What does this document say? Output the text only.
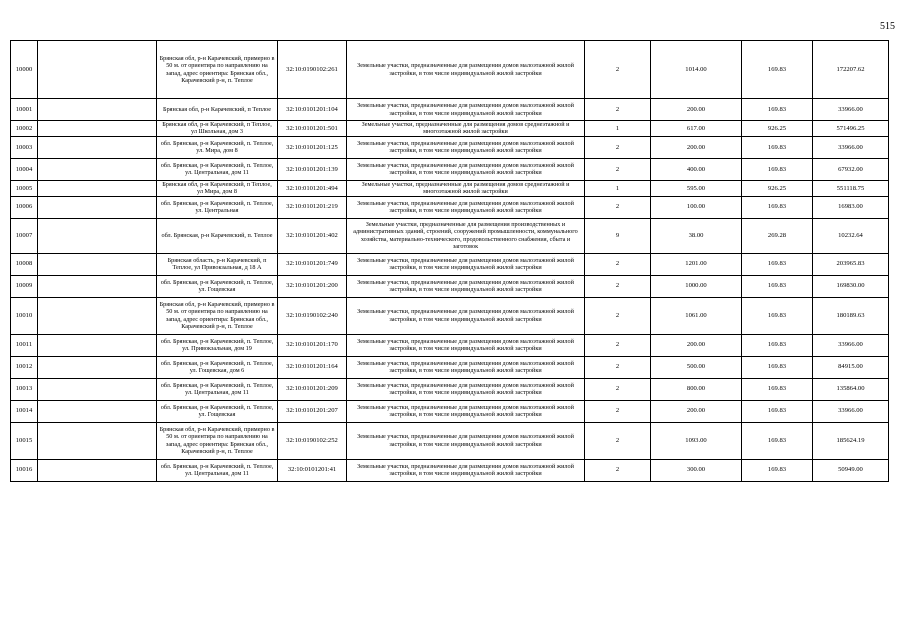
515
10000		Брянская обл, р-н Карачевский, примерно в 50 м. от ориентира по направлению на запад, адрес ориентира: Брянская обл., Карачевский р-н, п. Теплое	32:10:0190102:261	Земельные участки, предназначенные для размещения домов малоэтажной жилой застройки, в том числе индивидуальной жилой застройки	2	1014.00	169.83	172207.62
10001		Брянская обл, р-н Карачевский, п Теплое	32:10:0101201:104	Земельные участки, предназначенные для размещения домов малоэтажной жилой застройки, в том числе индивидуальной жилой застройки	2	200.00	169.83	33966.00
10002		Брянская обл, р-н Карачевский, п Теплое, ул Школьная, дом 3	32:10:0101201:501	Земельные участки, предназначенные для размещения домов среднеэтажной и многоэтажной жилой застройки	1	617.00	926.25	571496.25
10003		обл. Брянская, р-н Карачевский, п. Теплое, ул. Мира, дом 8	32:10:0101201:125	Земельные участки, предназначенные для размещения домов малоэтажной жилой застройки, в том числе индивидуальной жилой застройки	2	200.00	169.83	33966.00
10004		обл. Брянская, р-н Карачевский, п. Теплое, ул. Центральная, дом 11	32:10:0101201:139	Земельные участки, предназначенные для размещения домов малоэтажной жилой застройки, в том числе индивидуальной жилой застройки	2	400.00	169.83	67932.00
10005		Брянская обл, р-н Карачевский, п Теплое, ул Мира, дом 8	32:10:0101201:494	Земельные участки, предназначенные для размещения домов среднеэтажной и многоэтажной жилой застройки	1	595.00	926.25	551118.75
10006		обл. Брянская, р-н Карачевский, п. Теплое, ул. Центральная	32:10:0101201:219	Земельные участки, предназначенные для размещения домов малоэтажной жилой застройки, в том числе индивидуальной жилой застройки	2	100.00	169.83	16983.00
10007		обл. Брянская, р-н Карачевский, п. Теплое	32:10:0101201:402	Земельные участки, предназначенные для размещения производственных и административных зданий, строений, сооружений промышленности, коммунального хозяйства, материально-технического, продовольственного снабжения, сбыта и заготовок	9	38.00	269.28	10232.64
10008		Брянская область, р-н Карачевский, п Теплое, ул Привокзальная, д 18 А	32:10:0101201:749	Земельные участки, предназначенные для размещения домов малоэтажной жилой застройки, в том числе индивидуальной жилой застройки	2	1201.00	169.83	203965.83
10009		обл. Брянская, р-н Карачевский, п. Теплое, ул. Гощевская	32:10:0101201:200	Земельные участки, предназначенные для размещения домов малоэтажной жилой застройки, в том числе индивидуальной жилой застройки	2	1000.00	169.83	169830.00
10010		Брянская обл, р-н Карачевский, примерно в 50 м. от ориентира по направлению на запад, адрес ориентира: Брянская обл., Карачевский р-н, п. Теплое	32:10:0190102:240	Земельные участки, предназначенные для размещения домов малоэтажной жилой застройки, в том числе индивидуальной жилой застройки	2	1061.00	169.83	180189.63
10011		обл. Брянская, р-н Карачевский, п. Теплое, ул. Привокзальная, дом 19	32:10:0101201:170	Земельные участки, предназначенные для размещения домов малоэтажной жилой застройки, в том числе индивидуальной жилой застройки	2	200.00	169.83	33966.00
10012		обл. Брянская, р-н Карачевский, п. Теплое, ул. Гощевская, дом 6	32:10:0101201:164	Земельные участки, предназначенные для размещения домов малоэтажной жилой застройки, в том числе индивидуальной жилой застройки	2	500.00	169.83	84915.00
10013		обл. Брянская, р-н Карачевский, п. Теплое, ул. Центральная, дом 11	32:10:0101201:209	Земельные участки, предназначенные для размещения домов малоэтажной жилой застройки, в том числе индивидуальной жилой застройки	2	800.00	169.83	135864.00
10014		обл. Брянская, р-н Карачевский, п. Теплое, ул. Гощевская	32:10:0101201:207	Земельные участки, предназначенные для размещения домов малоэтажной жилой застройки, в том числе индивидуальной жилой застройки	2	200.00	169.83	33966.00
10015		Брянская обл, р-н Карачевский, примерно в 50 м. от ориентира по направлению на запад, адрес ориентира: Брянская обл., Карачевский р-н, п. Теплое	32:10:0190102:252	Земельные участки, предназначенные для размещения домов малоэтажной жилой застройки, в том числе индивидуальной жилой застройки	2	1093.00	169.83	185624.19
10016		обл. Брянская, р-н Карачевский, п. Теплое, ул. Центральная, дом 11	32:10:0101201:41	Земельные участки, предназначенные для размещения домов малоэтажной жилой застройки, в том числе индивидуальной жилой застройки	2	300.00	169.83	50949.00
